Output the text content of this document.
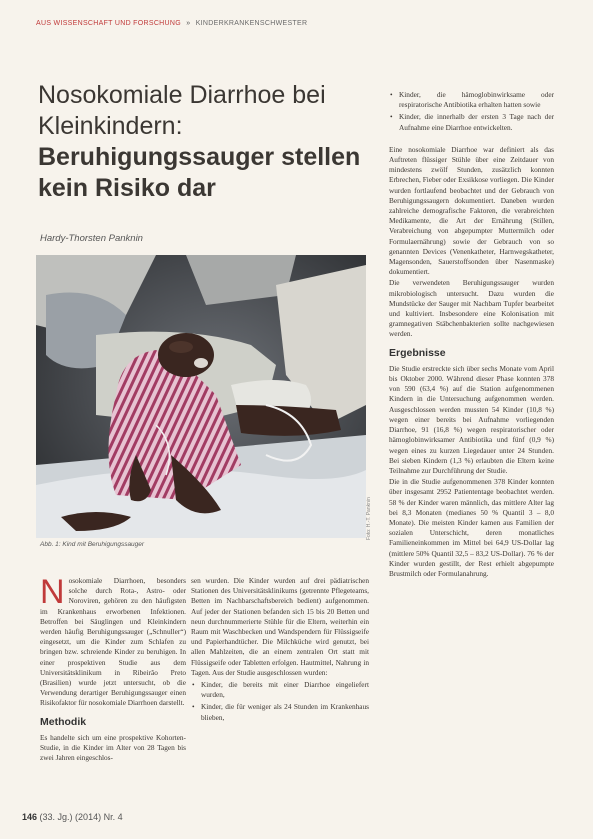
AUS WISSENSCHAFT UND FORSCHUNG » KINDERKRANKENSCHWESTER
Nosokomiale Diarrhoe bei
Kleinkindern:
Beruhigungssauger stellen
kein Risiko dar
Hardy-Thorsten Panknin
Foto: H.-T. Panknin
Abb. 1: Kind mit Beruhigungssauger

Nosokomiale Diarrhoen, besonders solche durch Rota-, Astro- oder Noroviren, gehören zu den häufigsten im Krankenhaus erworbenen Infektionen. Betroffen bei Säuglingen und Kleinkindern werden häufig Beruhigungssauger („Schnuller“) eingesetzt, um die Kinder zum Schlafen zu bringen bzw. schreiende Kinder zu beruhigen. In einer prospektiven Studie aus dem Universitätsklinikum in Ribeirão Preto (Brasilien) wurde jetzt untersucht, ob die Verwendung derartiger Beruhigungssauger einen Risikofaktor für nosokomiale Diarrhoen darstellt.

Methodik

Es handelte sich um eine prospektive Kohorten-Studie, in die Kinder im Alter von 28 Tagen bis zwei Jahren eingeschlos-

sen wurden. Die Kinder wurden auf drei pädiatrischen Stationen des Universitätsklinikums (getrennte Pflegeteams, Betten im Nachbarschaftsbereich bedient) aufgenommen. Auf jeder der Stationen befanden sich 15 bis 20 Betten und neun durchnummerierte Stühle für die Eltern, weiterhin ein Raum mit Waschbecken und Wandspendern für Flüssigseife und Papierhandtücher. Die Milchküche wird genutzt, bei allen Mahlzeiten, die an einem zentralen Ort statt mit Flüssigseife oder Tabletten erfolgen. Hautmittel, Nahrung in Tagen. Aus der Studie ausgeschlossen wurden:

• Kinder, die bereits mit einer Diarrhoe eingeliefert wurden,
• Kinder, die für weniger als 24 Stunden im Krankenhaus blieben,
• Kinder, die hämoglobinwirksame oder respiratorische Antibiotika erhalten hatten sowie
• Kinder, die innerhalb der ersten 3 Tage nach der Aufnahme eine Diarrhoe entwickelten.

Eine nosokomiale Diarrhoe war definiert als das Auftreten flüssiger Stühle über eine Zeitdauer von mindestens zwölf Stunden, zusätzlich konnten Erbrechen, Fieber oder Exsikkose vorliegen. Die Kinder wurden fortlaufend beobachtet und der Gebrauch von Beruhigungssaugern dokumentiert. Daneben wurden zahlreiche demografische Faktoren, die verabreichten Medikamente, die Art der Ernährung (Stillen, Verabreichung von abgepumpter Muttermilch oder Formulaernährung) sowie der Gebrauch von so genannten Devices (Venenkatheter, Harnwegskatheter, Magensonden, Sauerstoffsonden über Nasenmaske) dokumentiert.

Die verwendeten Beruhigungssauger wurden mikrobiologisch untersucht. Dazu wurden die Mundstücke der Sauger mit Nachbarn Tupfer bearbeitet und kultiviert. Insbesondere eine Kolonisation mit gramnegativen Stäbchenbakterien sollte nachgewiesen werden.

Ergebnisse

Die Studie erstreckte sich über sechs Monate vom April bis Oktober 2000. Während dieser Phase konnten 378 von 590 (63,4 %) auf die Station aufgenommenen Kindern in die Untersuchung aufgenommen werden. Ausgeschlossen werden mussten 54 Kinder (10,8 %) wegen einer bereits bei Aufnahme vorliegenden Diarrhoe, 91 (16,8 %) wegen respiratorischer oder hämoglobinwirksamer Antibiotika und fünf (0,9 %) wegen eines zu kurzen Liegedauer unter 24 Stunden. Bei sieben Kindern (1,3 %) erlaubten die Eltern keine Teilnahme zur Durchführung der Studie.

Die in die Studie aufgenommenen 378 Kinder konnten über insgesamt 2952 Patiententage beobachtet werden. 58 % der Kinder waren männlich, das mittlere Alter lag bei 8,3 Monaten (medianes 50 % Quantil 3 – 8,0 Monate). Die meisten Kinder kamen aus Familien der sozialen Unterschicht, deren monatliches Familieneinkommen im Mittel bei 64,9 US-Dollar lag (mittlere 50% Quantil 32,5 – 83,2 US-Dollar). 76 % der Kinder wurden gestillt, der Rest erhielt abgepumpte Brustmilch oder Formulanahrung.

146 (33. Jg.) (2014) Nr. 4
